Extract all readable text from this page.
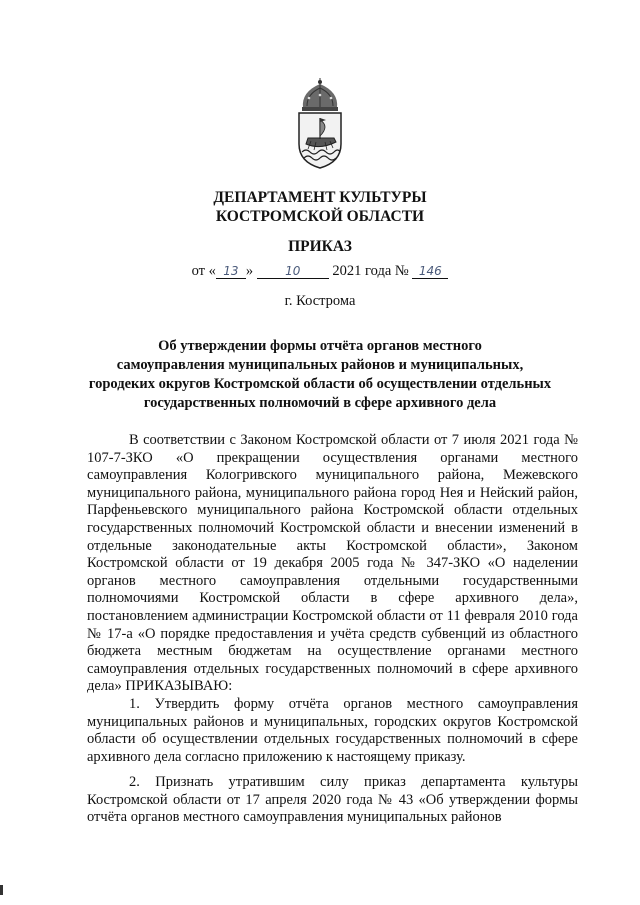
ДЕПАРТАМЕНТ КУЛЬТУРЫ
КОСТРОМСКОЙ ОБЛАСТИ
ПРИКАЗ
от « 13 »	10 2021 года № 146
г. Кострома
Об утверждении формы отчёта органов местного
самоуправления муниципальных районов и муниципальных,
городеких округов Костромской области об осуществлении отдельных
государственных полномочий в сфере архивного дела

В соответствии с Законом Костромской области от 7 июля 2021 года № 107-7-ЗКО «О прекращении осуществления органами местного самоуправления Кологривского муниципального района, Межевского муниципального района, муниципального района город Нея и Нейский район, Парфеньевского муниципального района Костромской области отдельных государственных полномочий Костромской области и внесении изменений в отдельные законодательные акты Костромской области», Законом Костромской области от 19 декабря 2005 года № 347-ЗКО «О наделении органов местного самоуправления отдельными государственными полномочиями Костромской области в сфере архивного дела», постановлением администрации Костромской области от 11 февраля 2010 года № 17-а «О порядке предоставления и учёта средств субвенций из областного бюджета местным бюджетам на осуществление органами местного самоуправления отдельных государственных полномочий в сфере архивного дела» ПРИКАЗЫВАЮ:

1. Утвердить форму отчёта органов местного самоуправления муниципальных районов и муниципальных, городских округов Костромской области об осуществлении отдельных государственных полномочий в сфере архивного дела согласно приложению к настоящему приказу.

2. Признать утратившим силу приказ департамента культуры Костромской области от 17 апреля 2020 года № 43 «Об утверждении формы отчёта органов местного самоуправления муниципальных районов
